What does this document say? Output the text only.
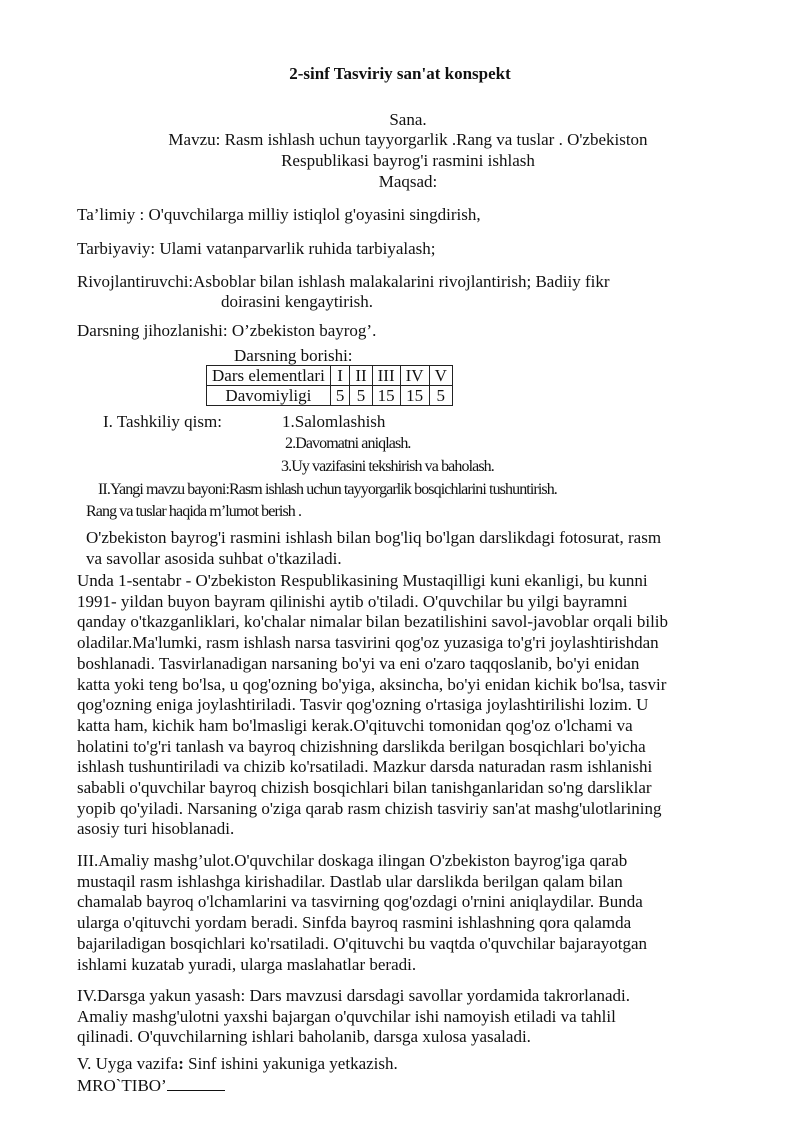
2-sinf Tasviriy san'at konspekt
Sana.
Mavzu: Rasm ishlash uchun tayyorgarlik .Rang va tuslar . O'zbekiston
Respublikasi bayrog'i rasmini ishlash
Maqsad:
Ta’limiy : O'quvchilarga milliy istiqlol g'oyasini singdirish,
Tarbiyaviy: Ulami vatanparvarlik ruhida tarbiyalash;
Rivojlantiruvchi:Asboblar bilan ishlash malakalarini rivojlantirish; Badiiy fikr
doirasini kengaytirish.
Darsning jihozlanishi: O’zbekiston bayrog’.
Darsning borishi:
Dars elementlari	I	II	III	IV	V
Davomiyligi	5	5	15	15	5
I. Tashkiliy qism:	1.Salomlashish
2.Davomatni aniqlash.
3.Uy vazifasini tekshirish va baholash.
II.Yangi mavzu bayoni:Rasm ishlash uchun tayyorgarlik bosqichlarini tushuntirish.
Rang va tuslar haqida m’lumot berish .
O'zbekiston bayrog'i rasmini ishlash bilan bog'liq bo'lgan darslikdagi fotosurat, rasm
va savollar asosida suhbat o'tkaziladi.
Unda 1-sentabr - O'zbekiston Respublikasining Mustaqilligi kuni ekanligi, bu kunni
1991- yildan buyon bayram qilinishi aytib o'tiladi. O'quvchilar bu yilgi bayramni
qanday o'tkazganliklari, ko'chalar nimalar bilan bezatilishini savol-javoblar orqali bilib
oladilar.Ma'lumki, rasm ishlash narsa tasvirini qog'oz yuzasiga to'g'ri joylashtirishdan
boshlanadi. Tasvirlanadigan narsaning bo'yi va eni o'zaro taqqoslanib, bo'yi enidan
katta yoki teng bo'lsa, u qog'ozning bo'yiga, aksincha, bo'yi enidan kichik bo'lsa, tasvir
qog'ozning eniga joylashtiriladi. Tasvir qog'ozning o'rtasiga joylashtirilishi lozim. U
katta ham, kichik ham bo'lmasligi kerak.O'qituvchi tomonidan qog'oz o'lchami va
holatini to'g'ri tanlash va bayroq chizishning darslikda berilgan bosqichlari bo'yicha
ishlash tushuntiriladi va chizib ko'rsatiladi. Mazkur darsda naturadan rasm ishlanishi
sababli o'quvchilar bayroq chizish bosqichlari bilan tanishganlaridan so'ng darsliklar
yopib qo'yiladi. Narsaning o'ziga qarab rasm chizish tasviriy san'at mashg'ulotlarining
asosiy turi hisoblanadi.
III.Amaliy mashg’ulot.O'quvchilar doskaga ilingan O'zbekiston bayrog'iga qarab
mustaqil rasm ishlashga kirishadilar. Dastlab ular darslikda berilgan qalam bilan
chamalab bayroq o'lchamlarini va tasvirning qog'ozdagi o'rnini aniqlaydilar. Bunda
ularga o'qituvchi yordam beradi. Sinfda bayroq rasmini ishlashning qora qalamda
bajariladigan bosqichlari ko'rsatiladi. O'qituvchi bu vaqtda o'quvchilar bajarayotgan
ishlami kuzatab yuradi, ularga maslahatlar beradi.
IV.Darsga yakun yasash: Dars mavzusi darsdagi savollar yordamida takrorlanadi.
Amaliy mashg'ulotni yaxshi bajargan o'quvchilar ishi namoyish etiladi va tahlil
qilinadi. O'quvchilarning ishlari baholanib, darsga xulosa yasaladi.
V. Uyga vazifa: Sinf ishini yakuniga yetkazish.
MRO`TIBO’
